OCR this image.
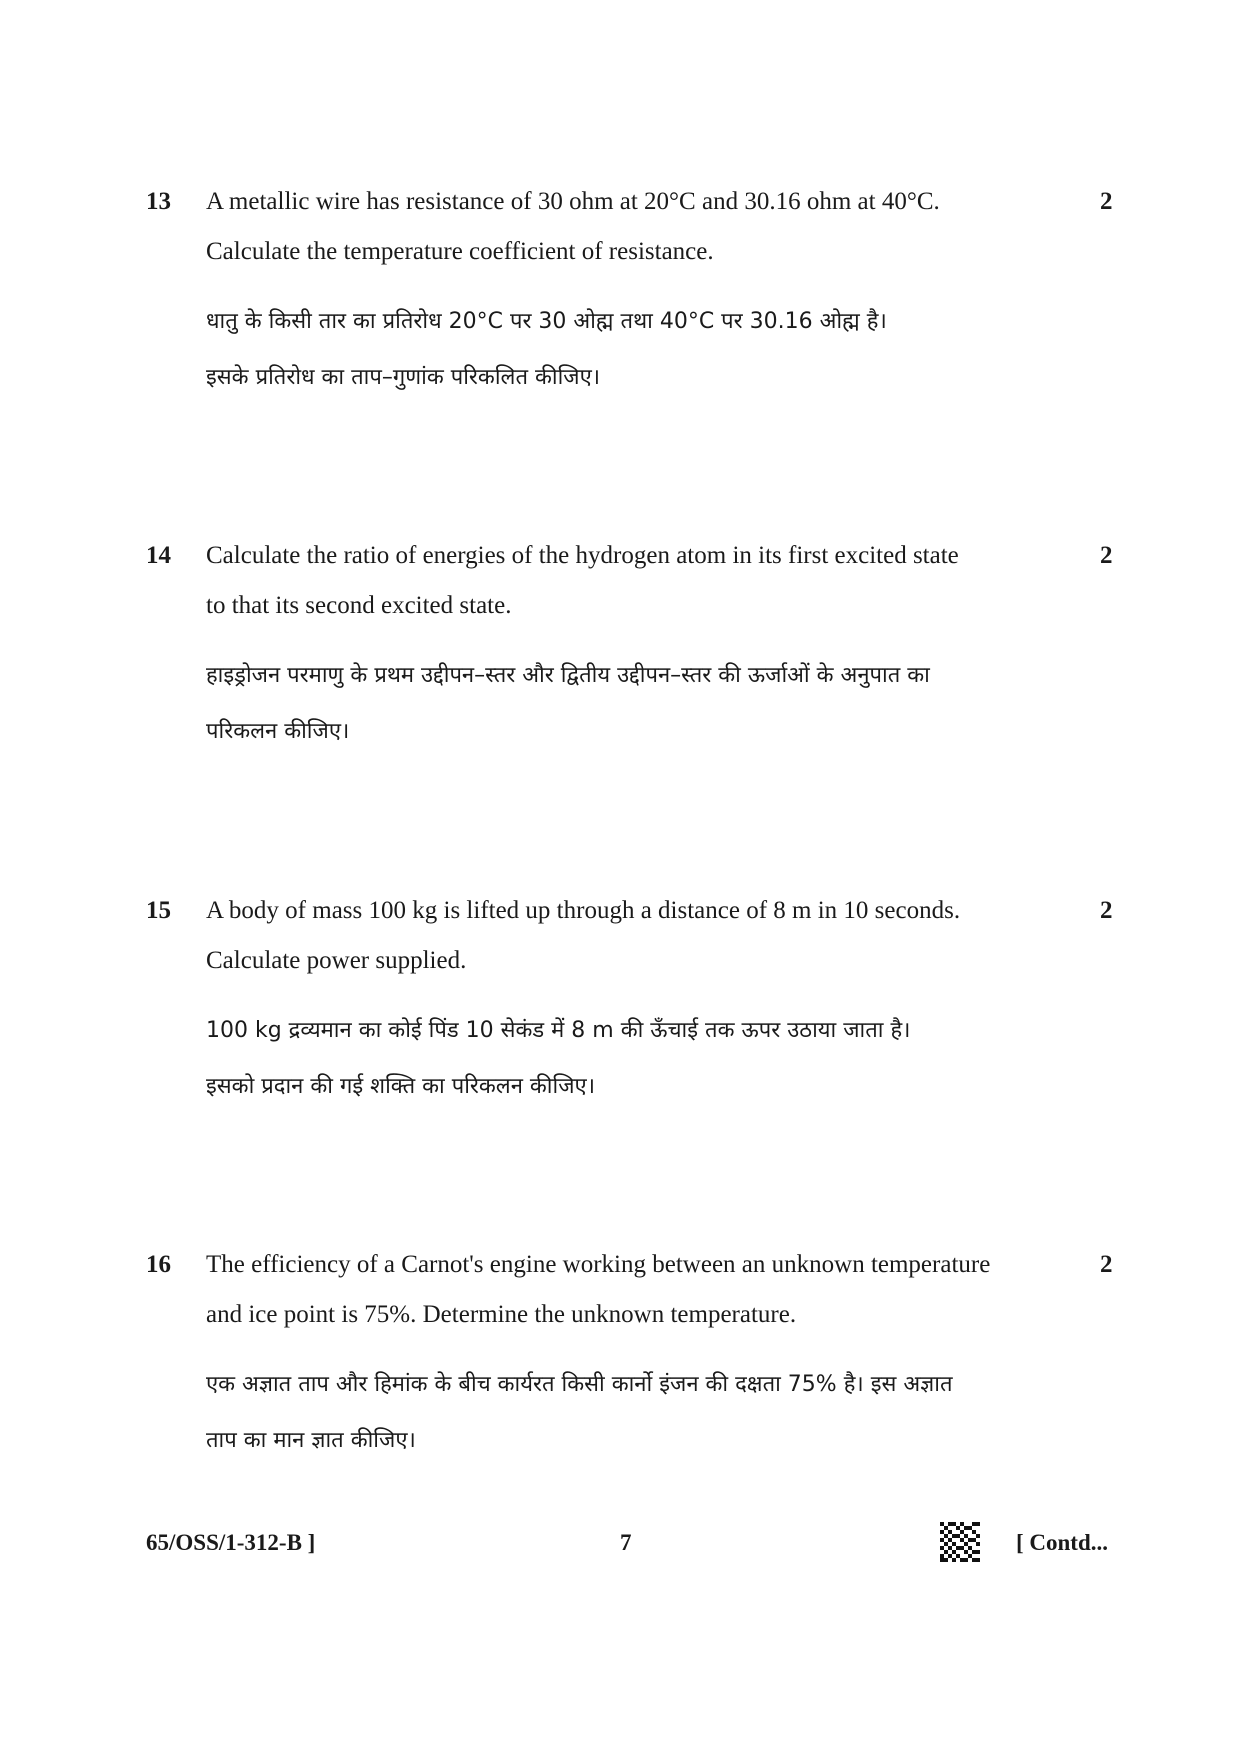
13 A metallic wire has resistance of 30 ohm at 20°C and 30.16 ohm at 40°C.
Calculate the temperature coefficient of resistance.
2
धातु के किसी तार का प्रतिरोध 20°C पर 30 ओह्म तथा 40°C पर 30.16 ओह्म है।
इसके प्रतिरोध का ताप–गुणांक परिकलित कीजिए।
14 Calculate the ratio of energies of the hydrogen atom in its first excited state
to that its second excited state.
2
हाइड्रोजन परमाणु के प्रथम उद्दीपन–स्तर और द्वितीय उद्दीपन–स्तर की ऊर्जाओं के अनुपात का
परिकलन कीजिए।
15 A body of mass 100 kg is lifted up through a distance of 8 m in 10 seconds.
Calculate power supplied.
2
100 kg द्रव्यमान का कोई पिंड 10 सेकंड में 8 m की ऊँचाई तक ऊपर उठाया जाता है।
इसको प्रदान की गई शक्ति का परिकलन कीजिए।
16 The efficiency of a Carnot's engine working between an unknown temperature
and ice point is 75%. Determine the unknown temperature.
2
एक अज्ञात ताप और हिमांक के बीच कार्यरत किसी कार्नो इंजन की दक्षता 75% है। इस अज्ञात
ताप का मान ज्ञात कीजिए।
65/OSS/1-312-B ]	7	[ Contd...
